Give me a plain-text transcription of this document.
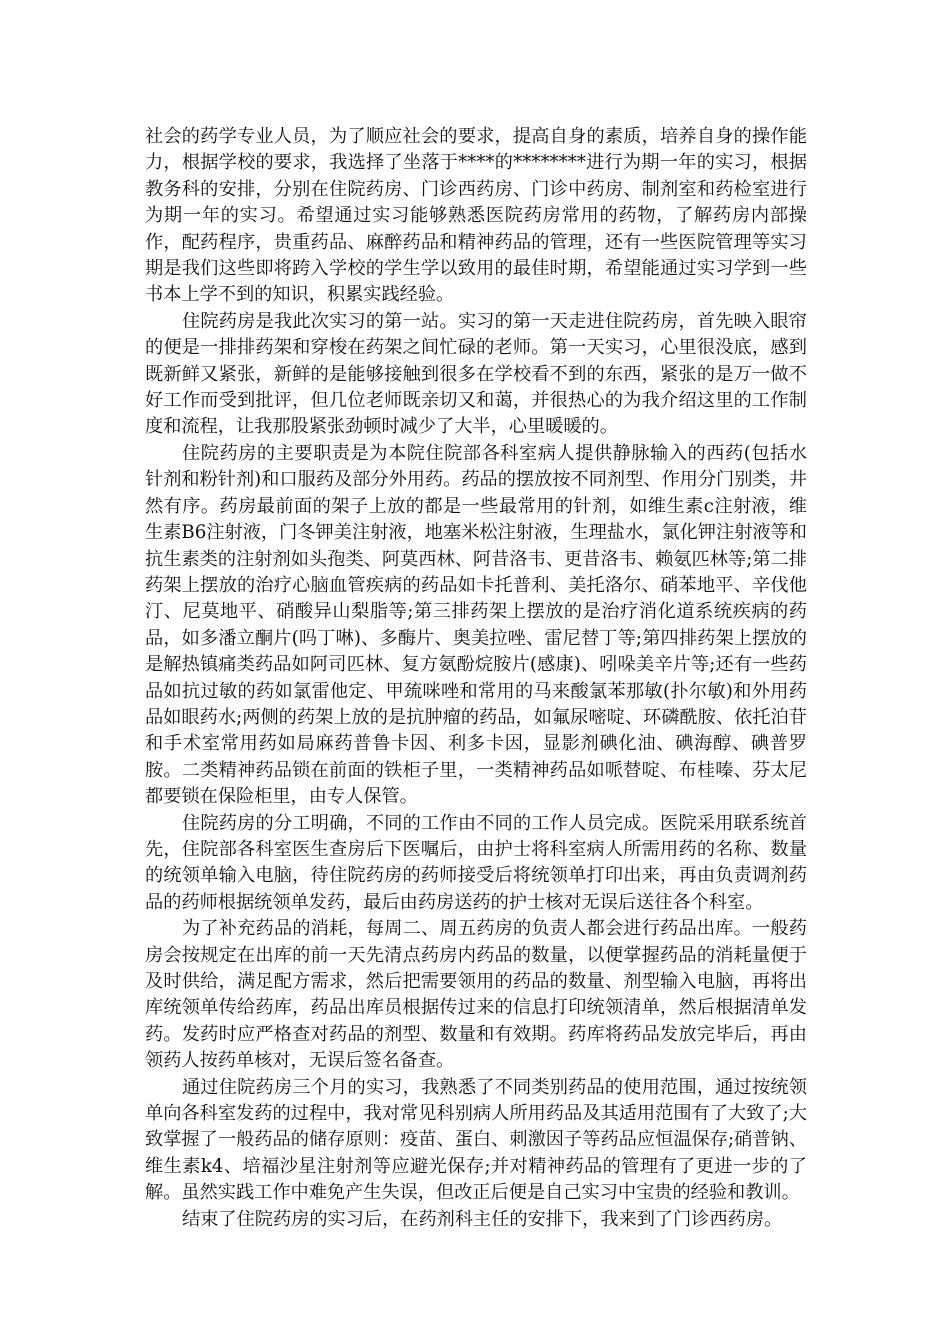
社会的药学专业人员，为了顺应社会的要求，提高自身的素质，培养自身的操作能力，根据学校的要求，我选择了坐落于****的********进行为期一年的实习，根据教务科的安排，分别在住院药房、门诊西药房、门诊中药房、制剂室和药检室进行为期一年的实习。希望通过实习能够熟悉医院药房常用的药物，了解药房内部操作，配药程序，贵重药品、麻醉药品和精神药品的管理，还有一些医院管理等实习期是我们这些即将跨入学校的学生学以致用的最佳时期，希望能通过实习学到一些书本上学不到的知识，积累实践经验。

住院药房是我此次实习的第一站。实习的第一天走进住院药房，首先映入眼帘的便是一排排药架和穿梭在药架之间忙碌的老师。第一天实习，心里很没底，感到既新鲜又紧张，新鲜的是能够接触到很多在学校看不到的东西，紧张的是万一做不好工作而受到批评，但几位老师既亲切又和蔼，并很热心的为我介绍这里的工作制度和流程，让我那股紧张劲顿时减少了大半，心里暖暖的。

住院药房的主要职责是为本院住院部各科室病人提供静脉输入的西药(包括水针剂和粉针剂)和口服药及部分外用药。药品的摆放按不同剂型、作用分门别类，井然有序。药房最前面的架子上放的都是一些最常用的针剂，如维生素c注射液，维生素B6注射液，门冬钾美注射液，地塞米松注射液，生理盐水，氯化钾注射液等和抗生素类的注射剂如头孢类、阿莫西林、阿昔洛韦、更昔洛韦、赖氨匹林等;第二排药架上摆放的治疗心脑血管疾病的药品如卡托普利、美托洛尔、硝苯地平、辛伐他汀、尼莫地平、硝酸异山梨脂等;第三排药架上摆放的是治疗消化道系统疾病的药品，如多潘立酮片(吗丁啉)、多酶片、奥美拉唑、雷尼替丁等;第四排药架上摆放的是解热镇痛类药品如阿司匹林、复方氨酚烷胺片(感康)、吲哚美辛片等;还有一些药品如抗过敏的药如氯雷他定、甲巯咪唑和常用的马来酸氯苯那敏(扑尔敏)和外用药品如眼药水;两侧的药架上放的是抗肿瘤的药品，如氟尿嘧啶、环磷酰胺、依托泊苷和手术室常用药如局麻药普鲁卡因、利多卡因，显影剂碘化油、碘海醇、碘普罗胺。二类精神药品锁在前面的铁柜子里，一类精神药品如哌替啶、布桂嗪、芬太尼都要锁在保险柜里，由专人保管。

住院药房的分工明确，不同的工作由不同的工作人员完成。医院采用联系统首先，住院部各科室医生查房后下医嘱后，由护士将科室病人所需用药的名称、数量的统领单输入电脑，待住院药房的药师接受后将统领单打印出来，再由负责调剂药品的药师根据统领单发药，最后由药房送药的护士核对无误后送往各个科室。

为了补充药品的消耗，每周二、周五药房的负责人都会进行药品出库。一般药房会按规定在出库的前一天先清点药房内药品的数量，以便掌握药品的消耗量便于及时供给，满足配方需求，然后把需要领用的药品的数量、剂型输入电脑，再将出库统领单传给药库，药品出库员根据传过来的信息打印统领清单，然后根据清单发药。发药时应严格查对药品的剂型、数量和有效期。药库将药品发放完毕后，再由领药人按药单核对，无误后签名备查。

通过住院药房三个月的实习，我熟悉了不同类别药品的使用范围，通过按统领单向各科室发药的过程中，我对常见科别病人所用药品及其适用范围有了大致了;大致掌握了一般药品的储存原则：疫苗、蛋白、刺激因子等药品应恒温保存;硝普钠、维生素k4、培福沙星注射剂等应避光保存;并对精神药品的管理有了更进一步的了解。虽然实践工作中难免产生失误，但改正后便是自己实习中宝贵的经验和教训。

结束了住院药房的实习后，在药剂科主任的安排下，我来到了门诊西药房。
